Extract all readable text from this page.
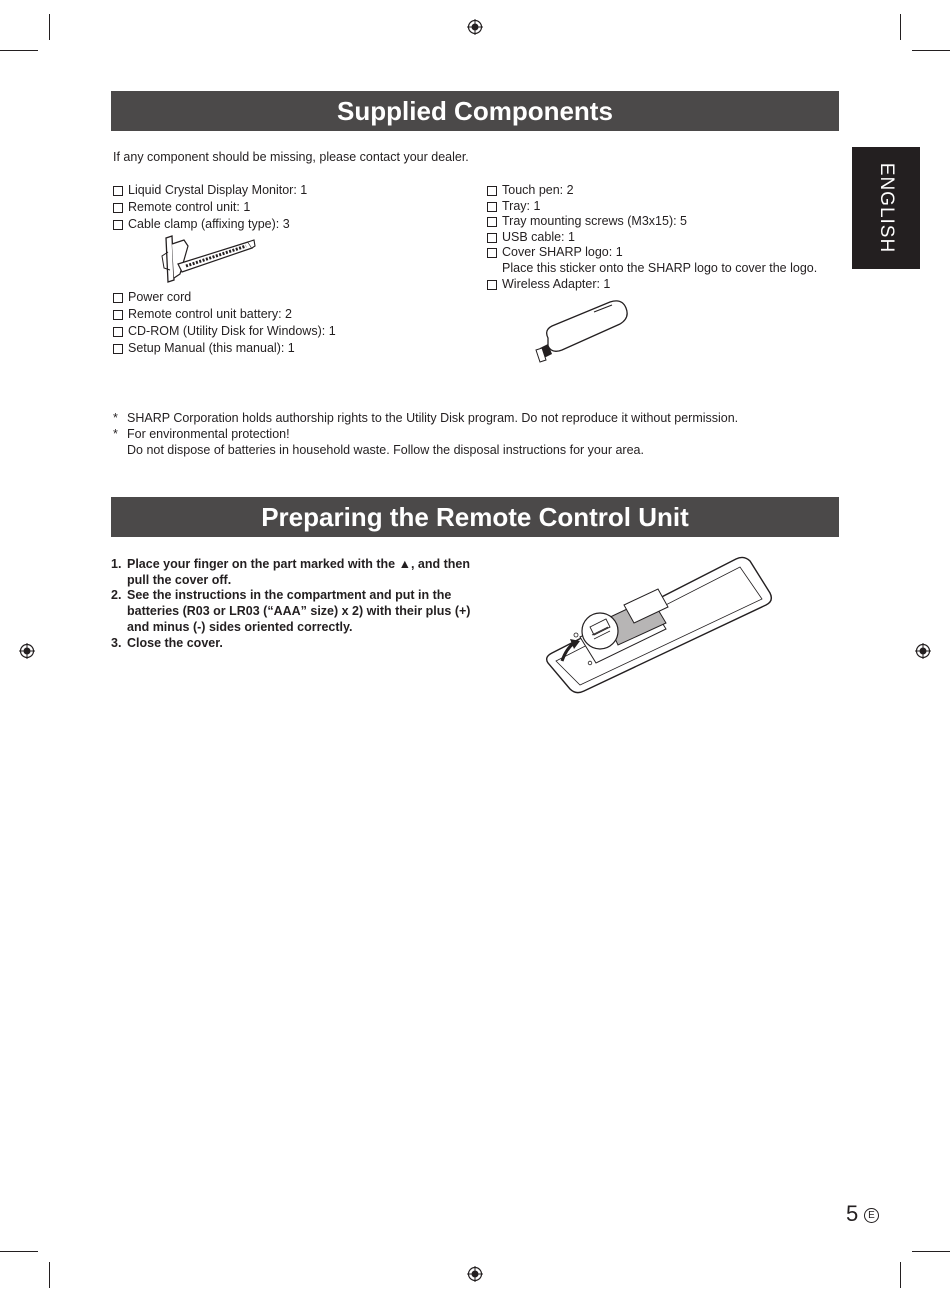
ENGLISH
Supplied Components
If any component should be missing, please contact your dealer.
Liquid Crystal Display Monitor: 1
Remote control unit: 1
Cable clamp (affixing type): 3
Power cord
Remote control unit battery: 2
CD-ROM (Utility Disk for Windows): 1
Setup Manual (this manual): 1
Touch pen: 2
Tray: 1
Tray mounting screws (M3x15): 5
USB cable: 1
Cover SHARP logo: 1
Place this sticker onto the SHARP logo to cover the logo.
Wireless Adapter: 1
* SHARP Corporation holds authorship rights to the Utility Disk program. Do not reproduce it without permission.
* For environmental protection!
Do not dispose of batteries in household waste. Follow the disposal instructions for your area.
Preparing the Remote Control Unit
1. Place your finger on the part marked with the ▲, and then pull the cover off.
2. See the instructions in the compartment and put in the batteries (R03 or LR03 (“AAA” size) x 2) with their plus (+) and minus (-) sides oriented correctly.
3. Close the cover.
5 E
